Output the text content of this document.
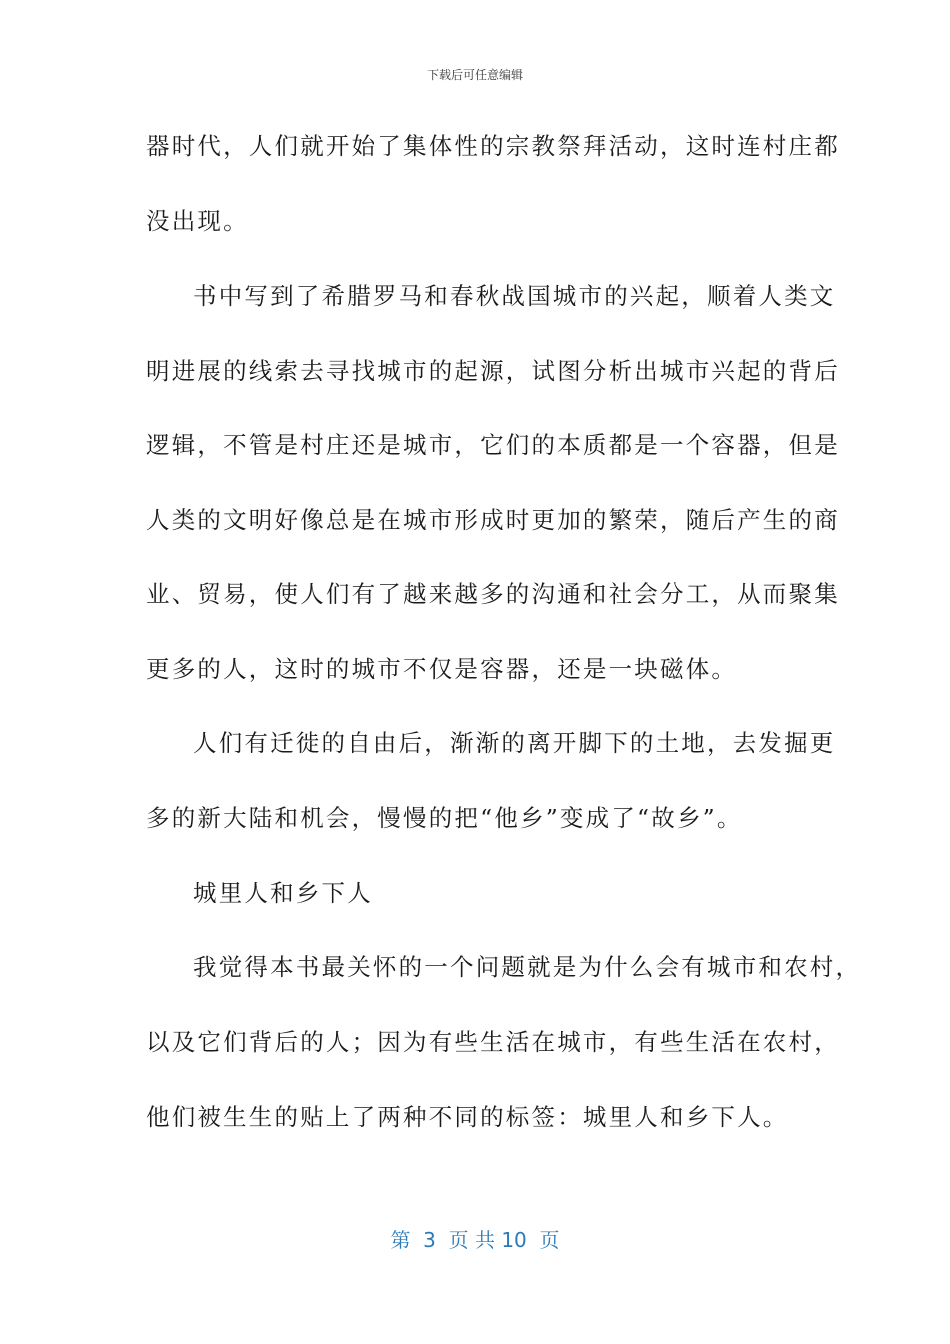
下载后可任意编辑
器时代，人们就开始了集体性的宗教祭拜活动，这时连村庄都
没出现。
书中写到了希腊罗马和春秋战国城市的兴起，顺着人类文
明进展的线索去寻找城市的起源，试图分析出城市兴起的背后
逻辑，不管是村庄还是城市，它们的本质都是一个容器，但是
人类的文明好像总是在城市形成时更加的繁荣，随后产生的商
业、贸易，使人们有了越来越多的沟通和社会分工，从而聚集
更多的人，这时的城市不仅是容器，还是一块磁体。
人们有迁徙的自由后，渐渐的离开脚下的土地，去发掘更
多的新大陆和机会，慢慢的把“他乡”变成了“故乡”。
城里人和乡下人
我觉得本书最关怀的一个问题就是为什么会有城市和农村，
以及它们背后的人；因为有些生活在城市，有些生活在农村，
他们被生生的贴上了两种不同的标签：城里人和乡下人。
第  3  页 共 10  页
